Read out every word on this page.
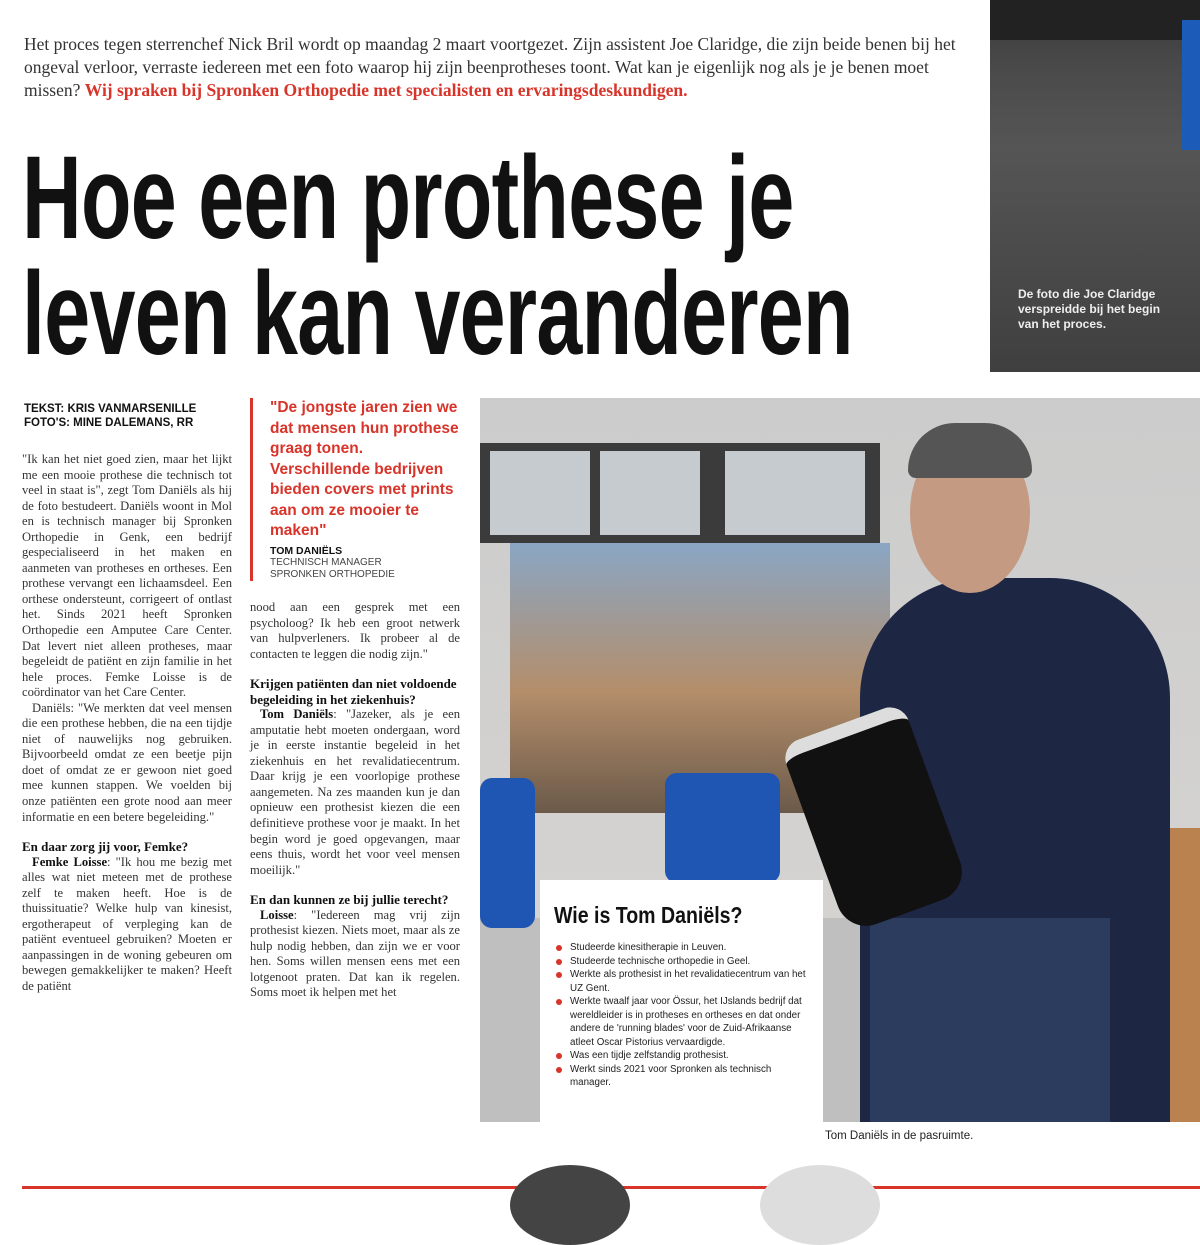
Het proces tegen sterrenchef Nick Bril wordt op maandag 2 maart voortgezet. Zijn assistent Joe Claridge, die zijn beide benen bij het ongeval verloor, verraste iedereen met een foto waarop hij zijn beenprotheses toont. Wat kan je eigenlijk nog als je je benen moet missen? Wij spraken bij Spronken Orthopedie met specialisten en ervaringsdeskundigen.
Hoe een prothese je
leven kan veranderen	De foto die Joe Claridge verspreidde bij het begin van het proces.
TEKST: KRIS VANMARSENILLE
FOTO'S: MINE DALEMANS, RR

"Ik kan het niet goed zien, maar het lijkt me een mooie prothese die technisch tot veel in staat is", zegt Tom Daniëls als hij de foto bestudeert. Daniëls woont in Mol en is technisch manager bij Spronken Orthopedie in Genk, een bedrijf gespecialiseerd in het maken en aanmeten van protheses en ortheses. Een prothese vervangt een lichaamsdeel. Een orthese ondersteunt, corrigeert of ontlast het. Sinds 2021 heeft Spronken Orthopedie een Amputee Care Center. Dat levert niet alleen protheses, maar begeleidt de patiënt en zijn familie in het hele proces. Femke Loisse is de coördinator van het Care Center.

Daniëls: "We merkten dat veel mensen die een prothese hebben, die na een tijdje niet of nauwelijks nog gebruiken. Bijvoorbeeld omdat ze een beetje pijn doet of omdat ze er gewoon niet goed mee kunnen stappen. We voelden bij onze patiënten een grote nood aan meer informatie en een betere begeleiding."

En daar zorg jij voor, Femke?

Femke Loisse: "Ik hou me bezig met alles wat niet meteen met de prothese zelf te maken heeft. Hoe is de thuissituatie? Welke hulp van kinesist, ergotherapeut of verpleging kan de patiënt eventueel gebruiken? Moeten er aanpassingen in de woning gebeuren om bewegen gemakkelijker te maken? Heeft de patiënt

"De jongste jaren zien we dat mensen hun prothese graag tonen. Verschillende bedrijven bieden covers met prints aan om ze mooier te maken"
TOM DANIËLS
TECHNISCH MANAGER
SPRONKEN ORTHOPEDIE

nood aan een gesprek met een psycholoog? Ik heb een groot netwerk van hulpverleners. Ik probeer al de contacten te leggen die nodig zijn."

Krijgen patiënten dan niet voldoende begeleiding in het ziekenhuis?

Tom Daniëls: "Jazeker, als je een amputatie hebt moeten ondergaan, word je in eerste instantie begeleid in het ziekenhuis en het revalidatiecentrum. Daar krijg je een voorlopige prothese aangemeten. Na zes maanden kun je dan opnieuw een prothesist kiezen die een definitieve prothese voor je maakt. In het begin word je goed opgevangen, maar eens thuis, wordt het voor veel mensen moeilijk."

En dan kunnen ze bij jullie terecht?

Loisse: "Iedereen mag vrij zijn prothesist kiezen. Niets moet, maar als ze hulp nodig hebben, dan zijn we er voor hen. Soms willen mensen eens met een lotgenoot praten. Dat kan ik regelen. Soms moet ik helpen met het

Wie is Tom Daniëls?
Studeerde kinesitherapie in Leuven.
Studeerde technische orthopedie in Geel.
Werkte als prothesist in het revalidatiecentrum van het UZ Gent.
Werkte twaalf jaar voor Össur, het IJslands bedrijf dat wereldleider is in protheses en ortheses en dat onder andere de 'running blades' voor de Zuid-Afrikaanse atleet Oscar Pistorius vervaardigde.
Was een tijdje zelfstandig prothesist.
Werkt sinds 2021 voor Spronken als technisch manager.
Tom Daniëls in de pasruimte.
